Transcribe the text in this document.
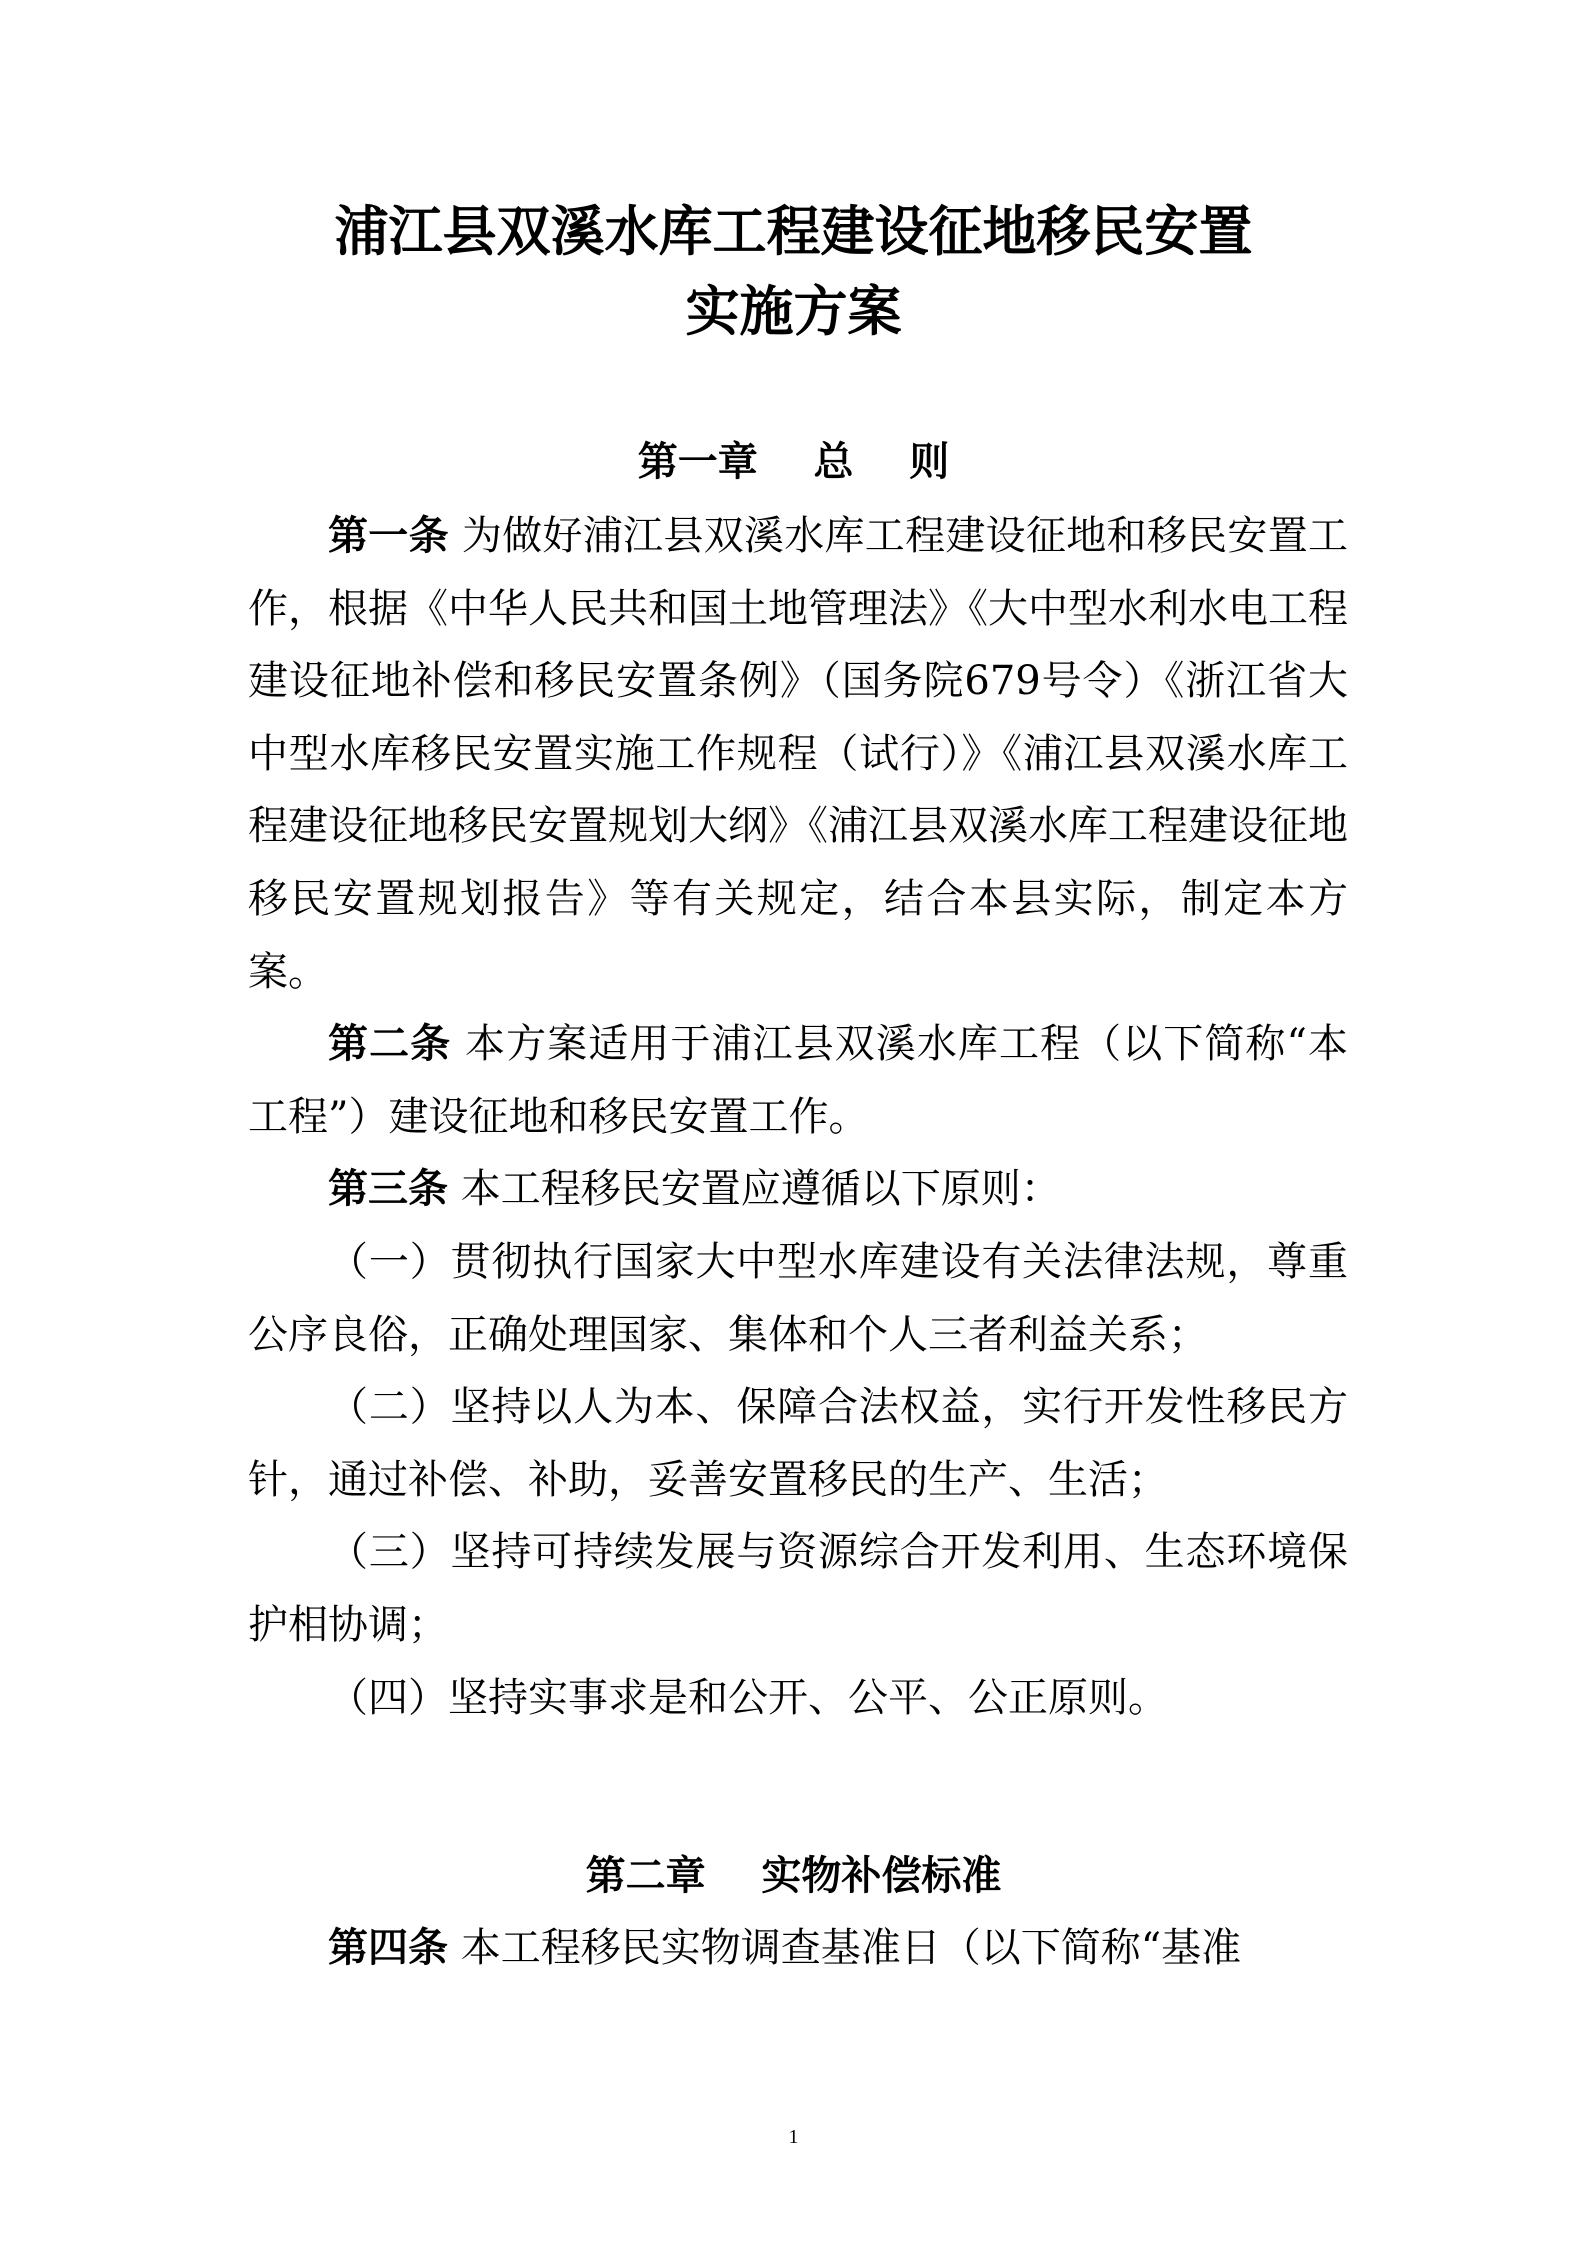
浦江县双溪水库工程建设征地移民安置
实施方案
第一章    总    则

第一条 为做好浦江县双溪水库工程建设征地和移民安置工作，根据《中华人民共和国土地管理法》《大中型水利水电工程建设征地补偿和移民安置条例》（国务院679号令）《浙江省大中型水库移民安置实施工作规程（试行）》《浦江县双溪水库工程建设征地移民安置规划大纲》《浦江县双溪水库工程建设征地移民安置规划报告》等有关规定，结合本县实际，制定本方案。

第二条 本方案适用于浦江县双溪水库工程（以下简称“本工程”）建设征地和移民安置工作。

第三条 本工程移民安置应遵循以下原则：

（一）贯彻执行国家大中型水库建设有关法律法规，尊重公序良俗，正确处理国家、集体和个人三者利益关系；

（二）坚持以人为本、保障合法权益，实行开发性移民方针，通过补偿、补助，妥善安置移民的生产、生活；

（三）坚持可持续发展与资源综合开发利用、生态环境保护相协调；

（四）坚持实事求是和公开、公平、公正原则。

第二章    实物补偿标准
第四条 本工程移民实物调查基准日（以下简称“基准
1
